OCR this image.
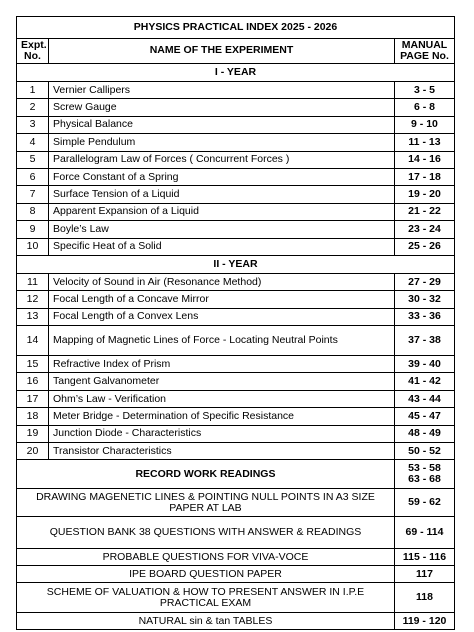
PHYSICS PRACTICAL INDEX 2025 - 2026		
Expt.
No.	NAME OF THE EXPERIMENT	MANUAL
PAGE No.
I - YEAR		
1	Vernier Callipers	3 - 5
2	Screw Gauge	6 - 8
3	Physical Balance	9 - 10
4	Simple Pendulum	11 - 13
5	Parallelogram Law of Forces ( Concurrent Forces )	14 - 16
6	Force Constant of a Spring	17 - 18
7	Surface Tension of a Liquid	19 - 20
8	Apparent Expansion of a Liquid	21 - 22
9	Boyle’s Law	23 - 24
10	Specific Heat of a Solid	25 - 26
II - YEAR		
11	Velocity of Sound in Air (Resonance Method)	27 - 29
12	Focal Length of a Concave Mirror	30 - 32
13	Focal Length of a Convex Lens	33 - 36
14	Mapping of Magnetic Lines of Force - Locating Neutral Points	37 - 38
15	Refractive Index of Prism	39 - 40
16	Tangent Galvanometer	41 - 42
17	Ohm’s Law - Verification	43 - 44
18	Meter Bridge - Determination of Specific Resistance	45 - 47
19	Junction Diode - Characteristics	48 - 49
20	Transistor Characteristics	50 - 52
RECORD WORK READINGS		53 - 58
63 - 68

DRAWING MAGENETIC LINES & POINTING NULL POINTS IN A3 SIZE PAPER AT LAB		59 - 62
QUESTION BANK 38 QUESTIONS WITH ANSWER & READINGS		69 - 114
PROBABLE QUESTIONS FOR VIVA-VOCE		115 - 116
IPE BOARD QUESTION PAPER		117
SCHEME OF VALUATION & HOW TO PRESENT ANSWER IN I.P.E PRACTICAL EXAM		118
NATURAL sin & tan TABLES		119 - 120
